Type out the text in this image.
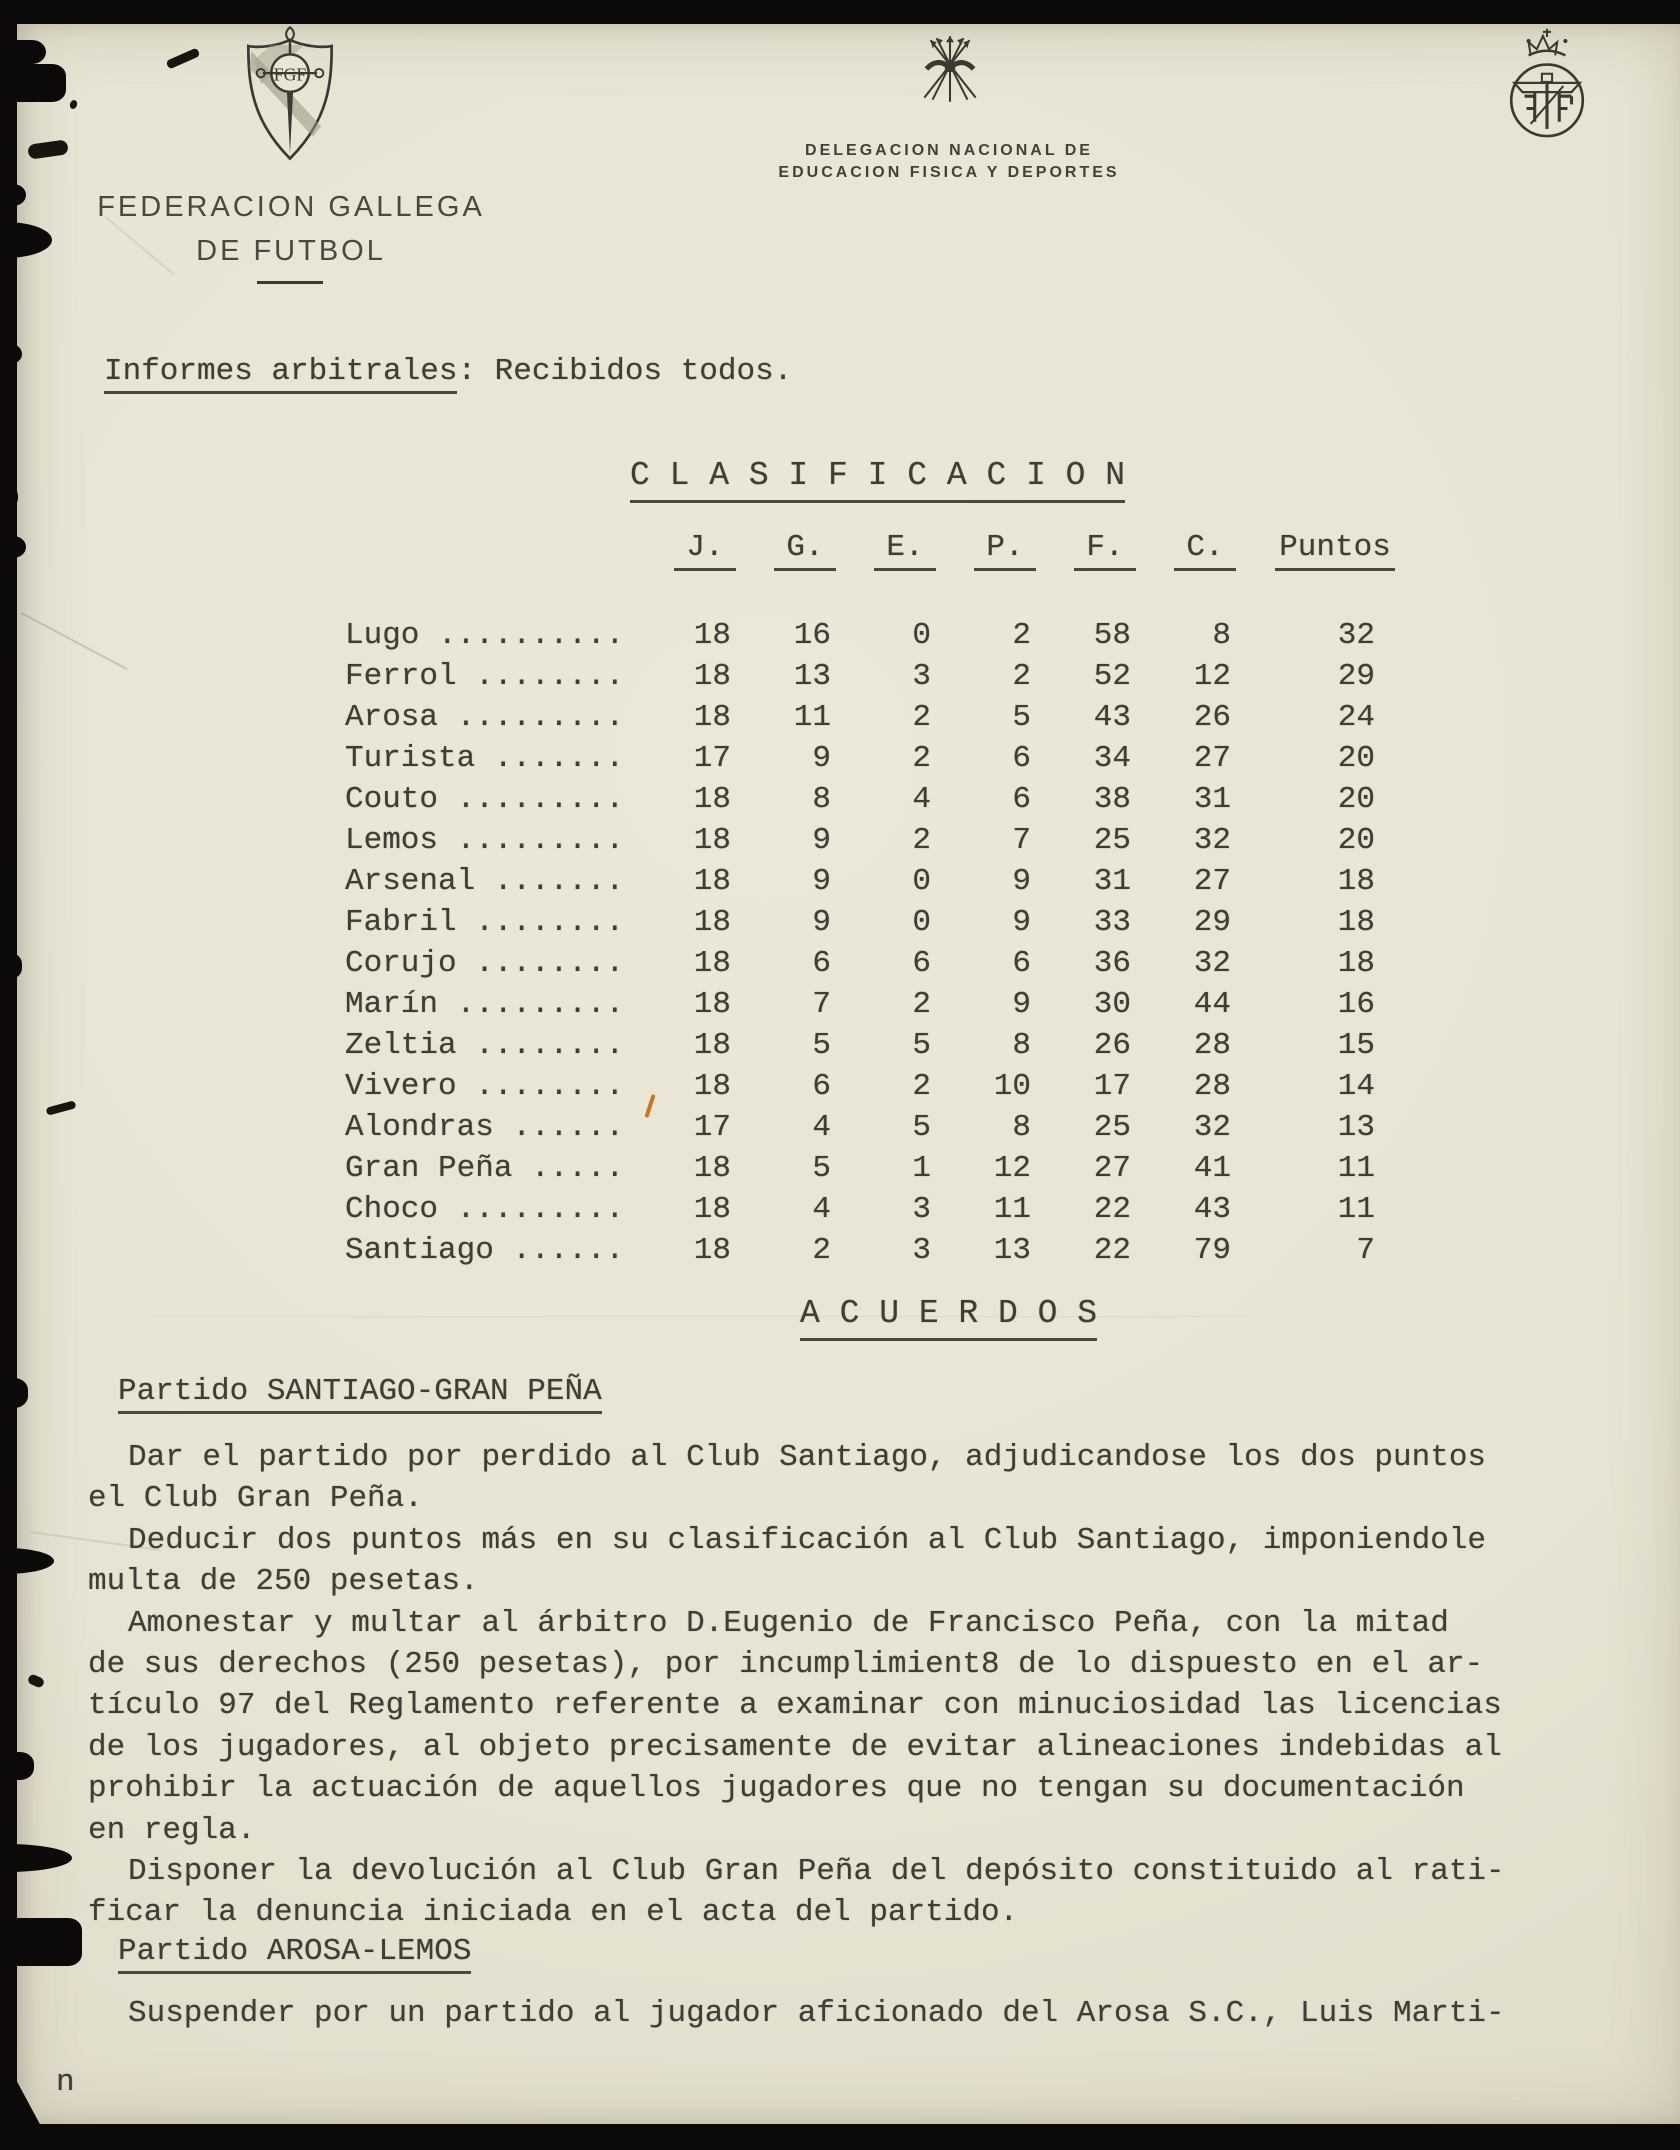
FGF
FEDERACION GALLEGA
DE FUTBOL
DELEGACION NACIONAL DE
EDUCACION FISICA Y DEPORTES
Informes arbitrales: Recibidos todos.
C L A S I F I C A C I O N
J.	G.	E.	P.	F.	C.	Puntos
Lugo ..........	18	16	0	2	58	8	32
Ferrol ........	18	13	3	2	52	12	29
Arosa .........	18	11	2	5	43	26	24
Turista .......	17	9	2	6	34	27	20
Couto .........	18	8	4	6	38	31	20
Lemos .........	18	9	2	7	25	32	20
Arsenal .......	18	9	0	9	31	27	18
Fabril ........	18	9	0	9	33	29	18
Corujo ........	18	6	6	6	36	32	18
Marín .........	18	7	2	9	30	44	16
Zeltia ........	18	5	5	8	26	28	15
Vivero ........	18	6	2	10	17	28	14
Alondras ......	17	4	5	8	25	32	13
Gran Peña .....	18	5	1	12	27	41	11
Choco .........	18	4	3	11	22	43	11
Santiago ......	18	2	3	13	22	79	7
A C U E R D O S
Partido SANTIAGO-GRAN PEÑA
Dar el partido por perdido al Club Santiago, adjudicandose los dos puntos
el Club Gran Peña.
Deducir dos puntos más en su clasificación al Club Santiago, imponiendole
multa de 250 pesetas.
Amonestar y multar al árbitro D.Eugenio de Francisco Peña, con la mitad
de sus derechos (250 pesetas), por incumplimient8 de lo dispuesto en el ar-
tículo 97 del Reglamento referente a examinar con minuciosidad las licencias
de los jugadores, al objeto precisamente de evitar alineaciones indebidas al
prohibir la actuación de aquellos jugadores que no tengan su documentación
en regla.
Disponer la devolución al Club Gran Peña del depósito constituido al rati-
ficar la denuncia iniciada en el acta del partido.
Partido AROSA-LEMOS
Suspender por un partido al jugador aficionado del Arosa S.C., Luis Marti-
n
